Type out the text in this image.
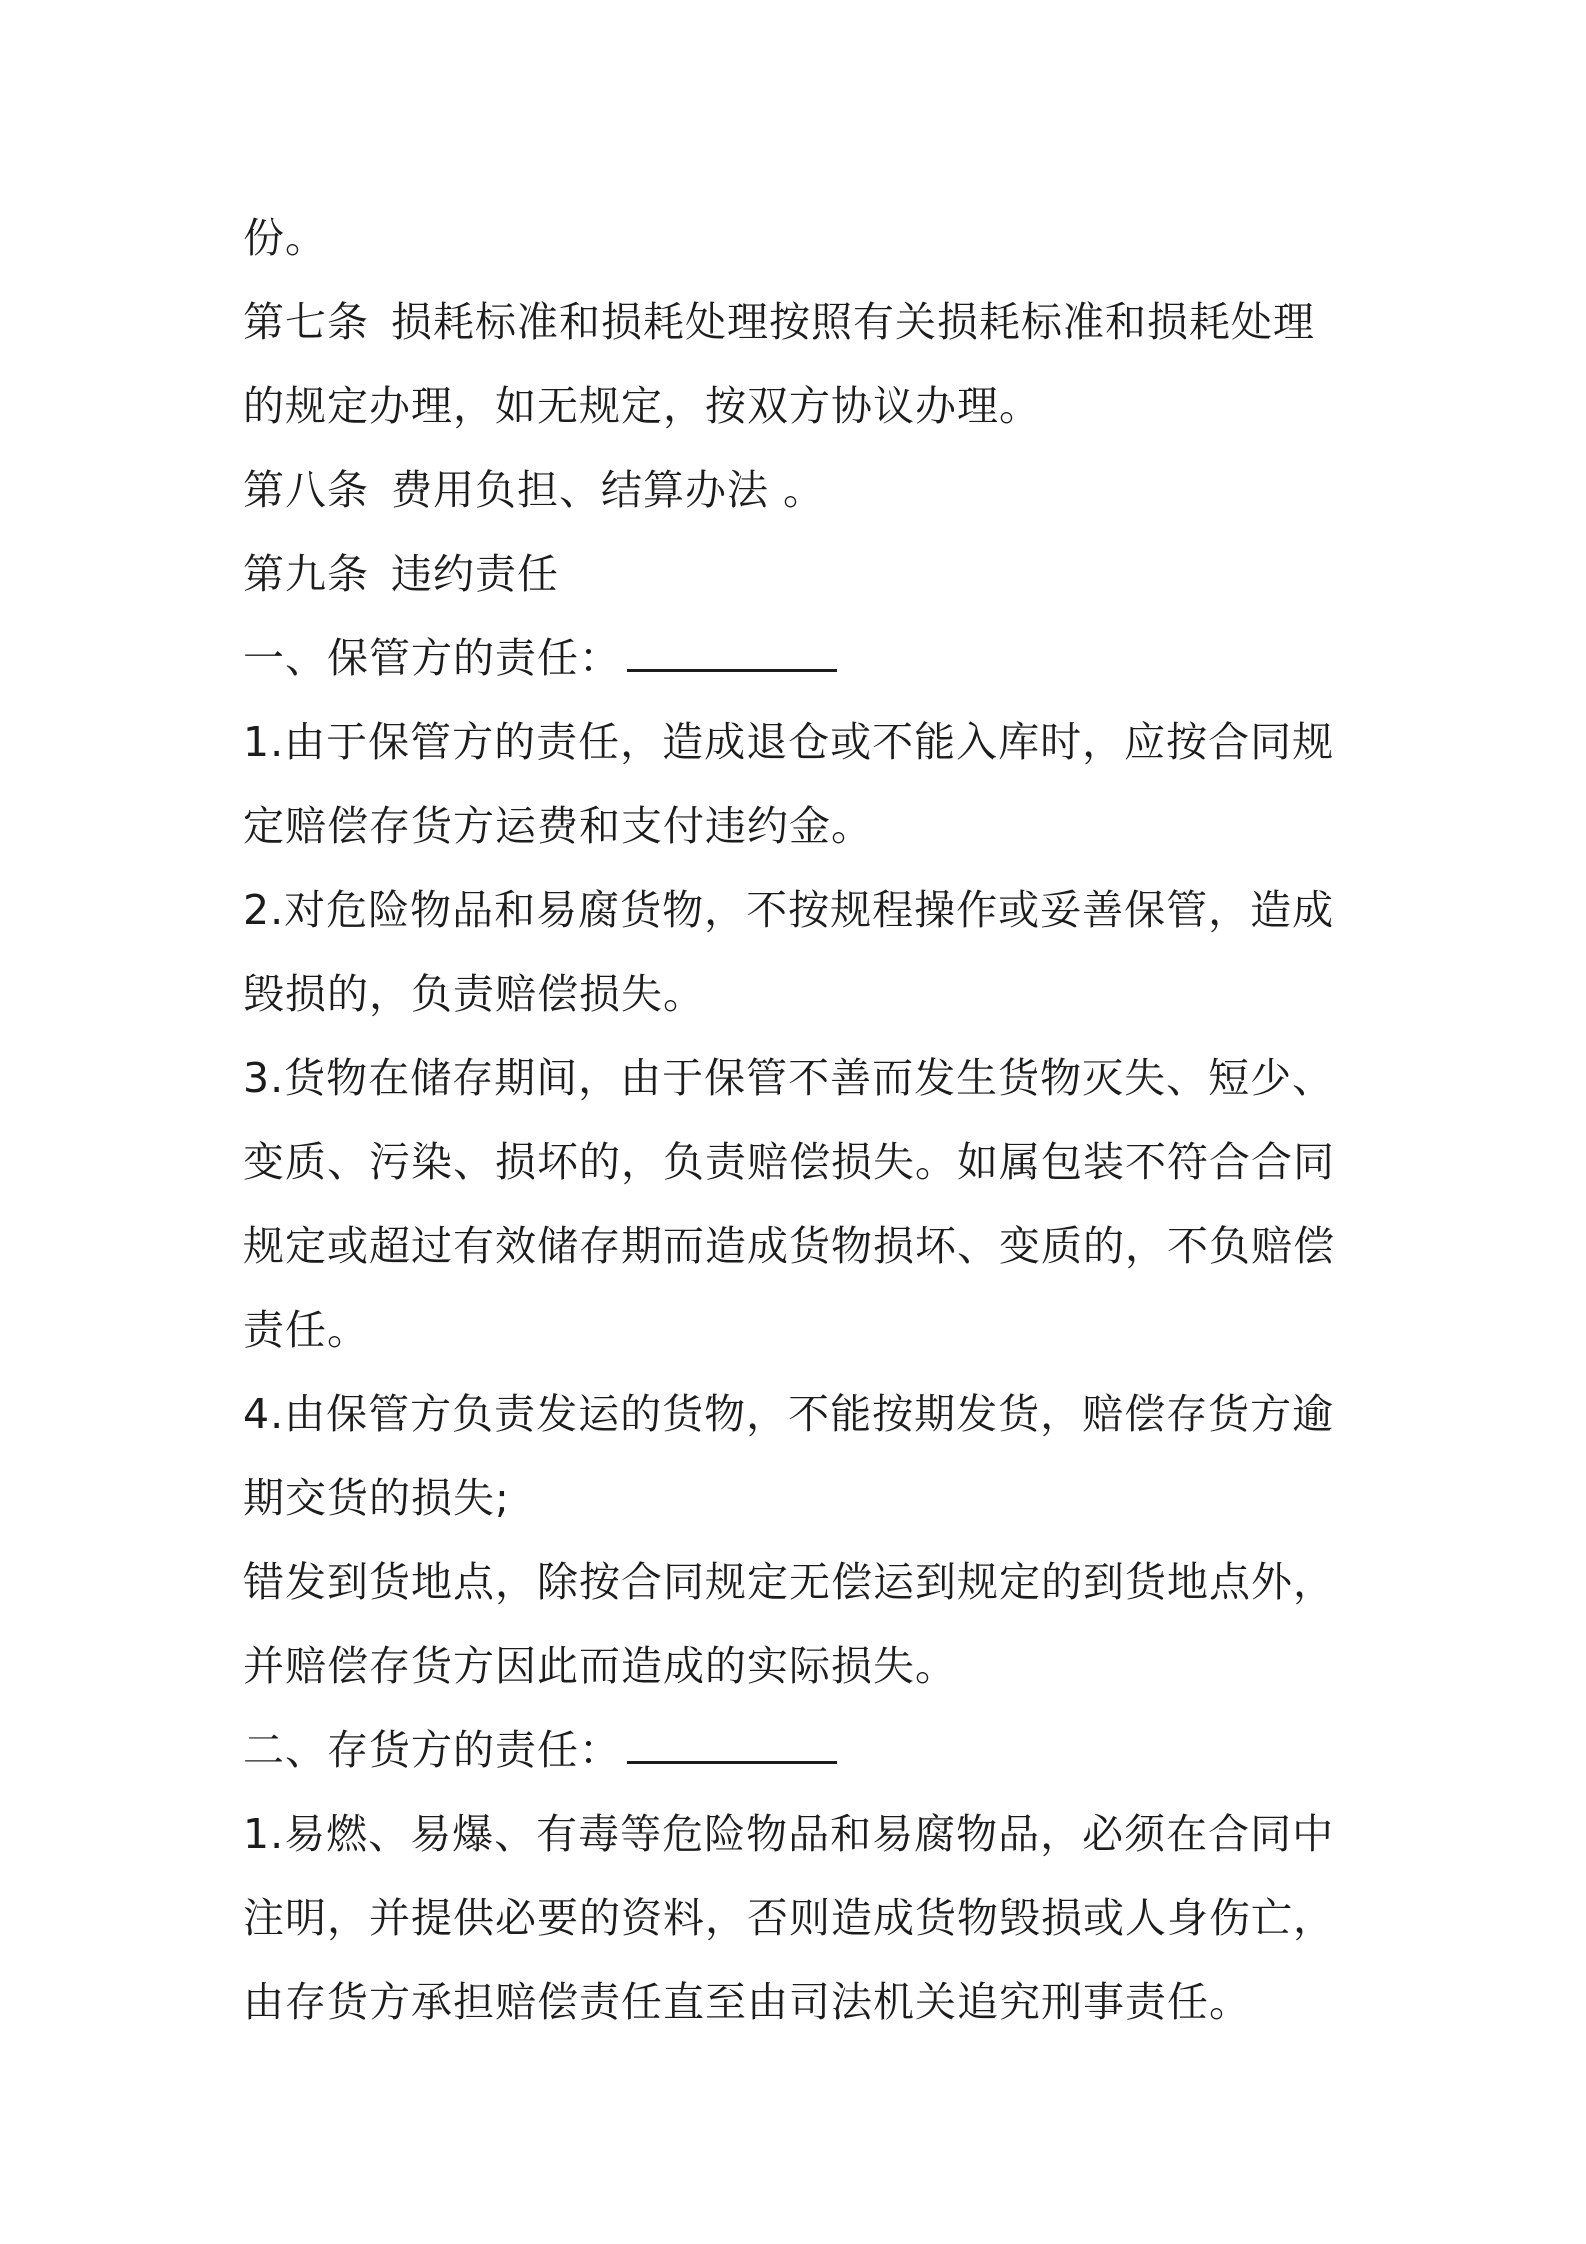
份。
第七条 损耗标准和损耗处理按照有关损耗标准和损耗处理
的规定办理，如无规定，按双方协议办理。
第八条 费用负担、结算办法 。
第九条 违约责任
一、保管方的责任：
1.由于保管方的责任，造成退仓或不能入库时，应按合同规
定赔偿存货方运费和支付违约金。
2.对危险物品和易腐货物，不按规程操作或妥善保管，造成
毁损的，负责赔偿损失。
3.货物在储存期间，由于保管不善而发生货物灭失、短少、
变质、污染、损坏的，负责赔偿损失。如属包装不符合合同
规定或超过有效储存期而造成货物损坏、变质的，不负赔偿
责任。
4.由保管方负责发运的货物，不能按期发货，赔偿存货方逾
期交货的损失;
错发到货地点，除按合同规定无偿运到规定的到货地点外，
并赔偿存货方因此而造成的实际损失。
二、存货方的责任：
1.易燃、易爆、有毒等危险物品和易腐物品，必须在合同中
注明，并提供必要的资料，否则造成货物毁损或人身伤亡，
由存货方承担赔偿责任直至由司法机关追究刑事责任。
